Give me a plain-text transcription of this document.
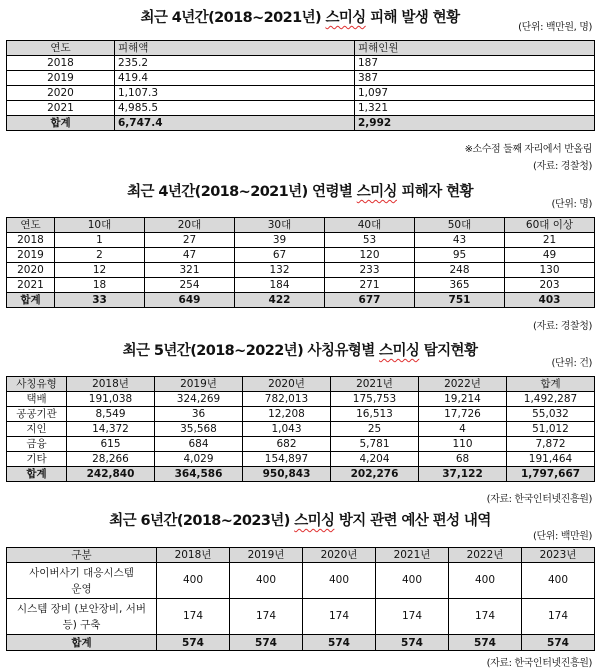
최근 4년간(2018~2021년) 스미싱 피해 발생 현황
(단위: 백만원, 명)
연도	피해액	피해인원
2018	235.2	187
2019	419.4	387
2020	1,107.3	1,097
2021	4,985.5	1,321
합계	6,747.4	2,992
※소수점 둘째 자리에서 반올림
(자료: 경찰청)
최근 4년간(2018~2021년) 연령별 스미싱 피해자 현황
(단위: 명)
연도	10대	20대	30대	40대	50대	60대 이상
2018	1	27	39	53	43	21
2019	2	47	67	120	95	49
2020	12	321	132	233	248	130
2021	18	254	184	271	365	203
합계	33	649	422	677	751	403
(자료: 경찰청)
최근 5년간(2018~2022년) 사칭유형별 스미싱 탐지현황
(단위: 건)
사칭유형	2018년	2019년	2020년	2021년	2022년	합계
택배	191,038	324,269	782,013	175,753	19,214	1,492,287
공공기관	8,549	36	12,208	16,513	17,726	55,032
지인	14,372	35,568	1,043	25	4	51,012
금융	615	684	682	5,781	110	7,872
기타	28,266	4,029	154,897	4,204	68	191,464
합계	242,840	364,586	950,843	202,276	37,122	1,797,667
(자료: 한국인터넷진흥원)
최근 6년간(2018~2023년) 스미싱 방지 관련 예산 편성 내역
(단위: 백만원)
구분	2018년	2019년	2020년	2021년	2022년	2023년
사이버사기 대응시스템 운영	400	400	400	400	400	400
시스템 장비 (보안장비, 서버 등) 구축	174	174	174	174	174	174
합계	574	574	574	574	574	574
(자료: 한국인터넷진흥원)
